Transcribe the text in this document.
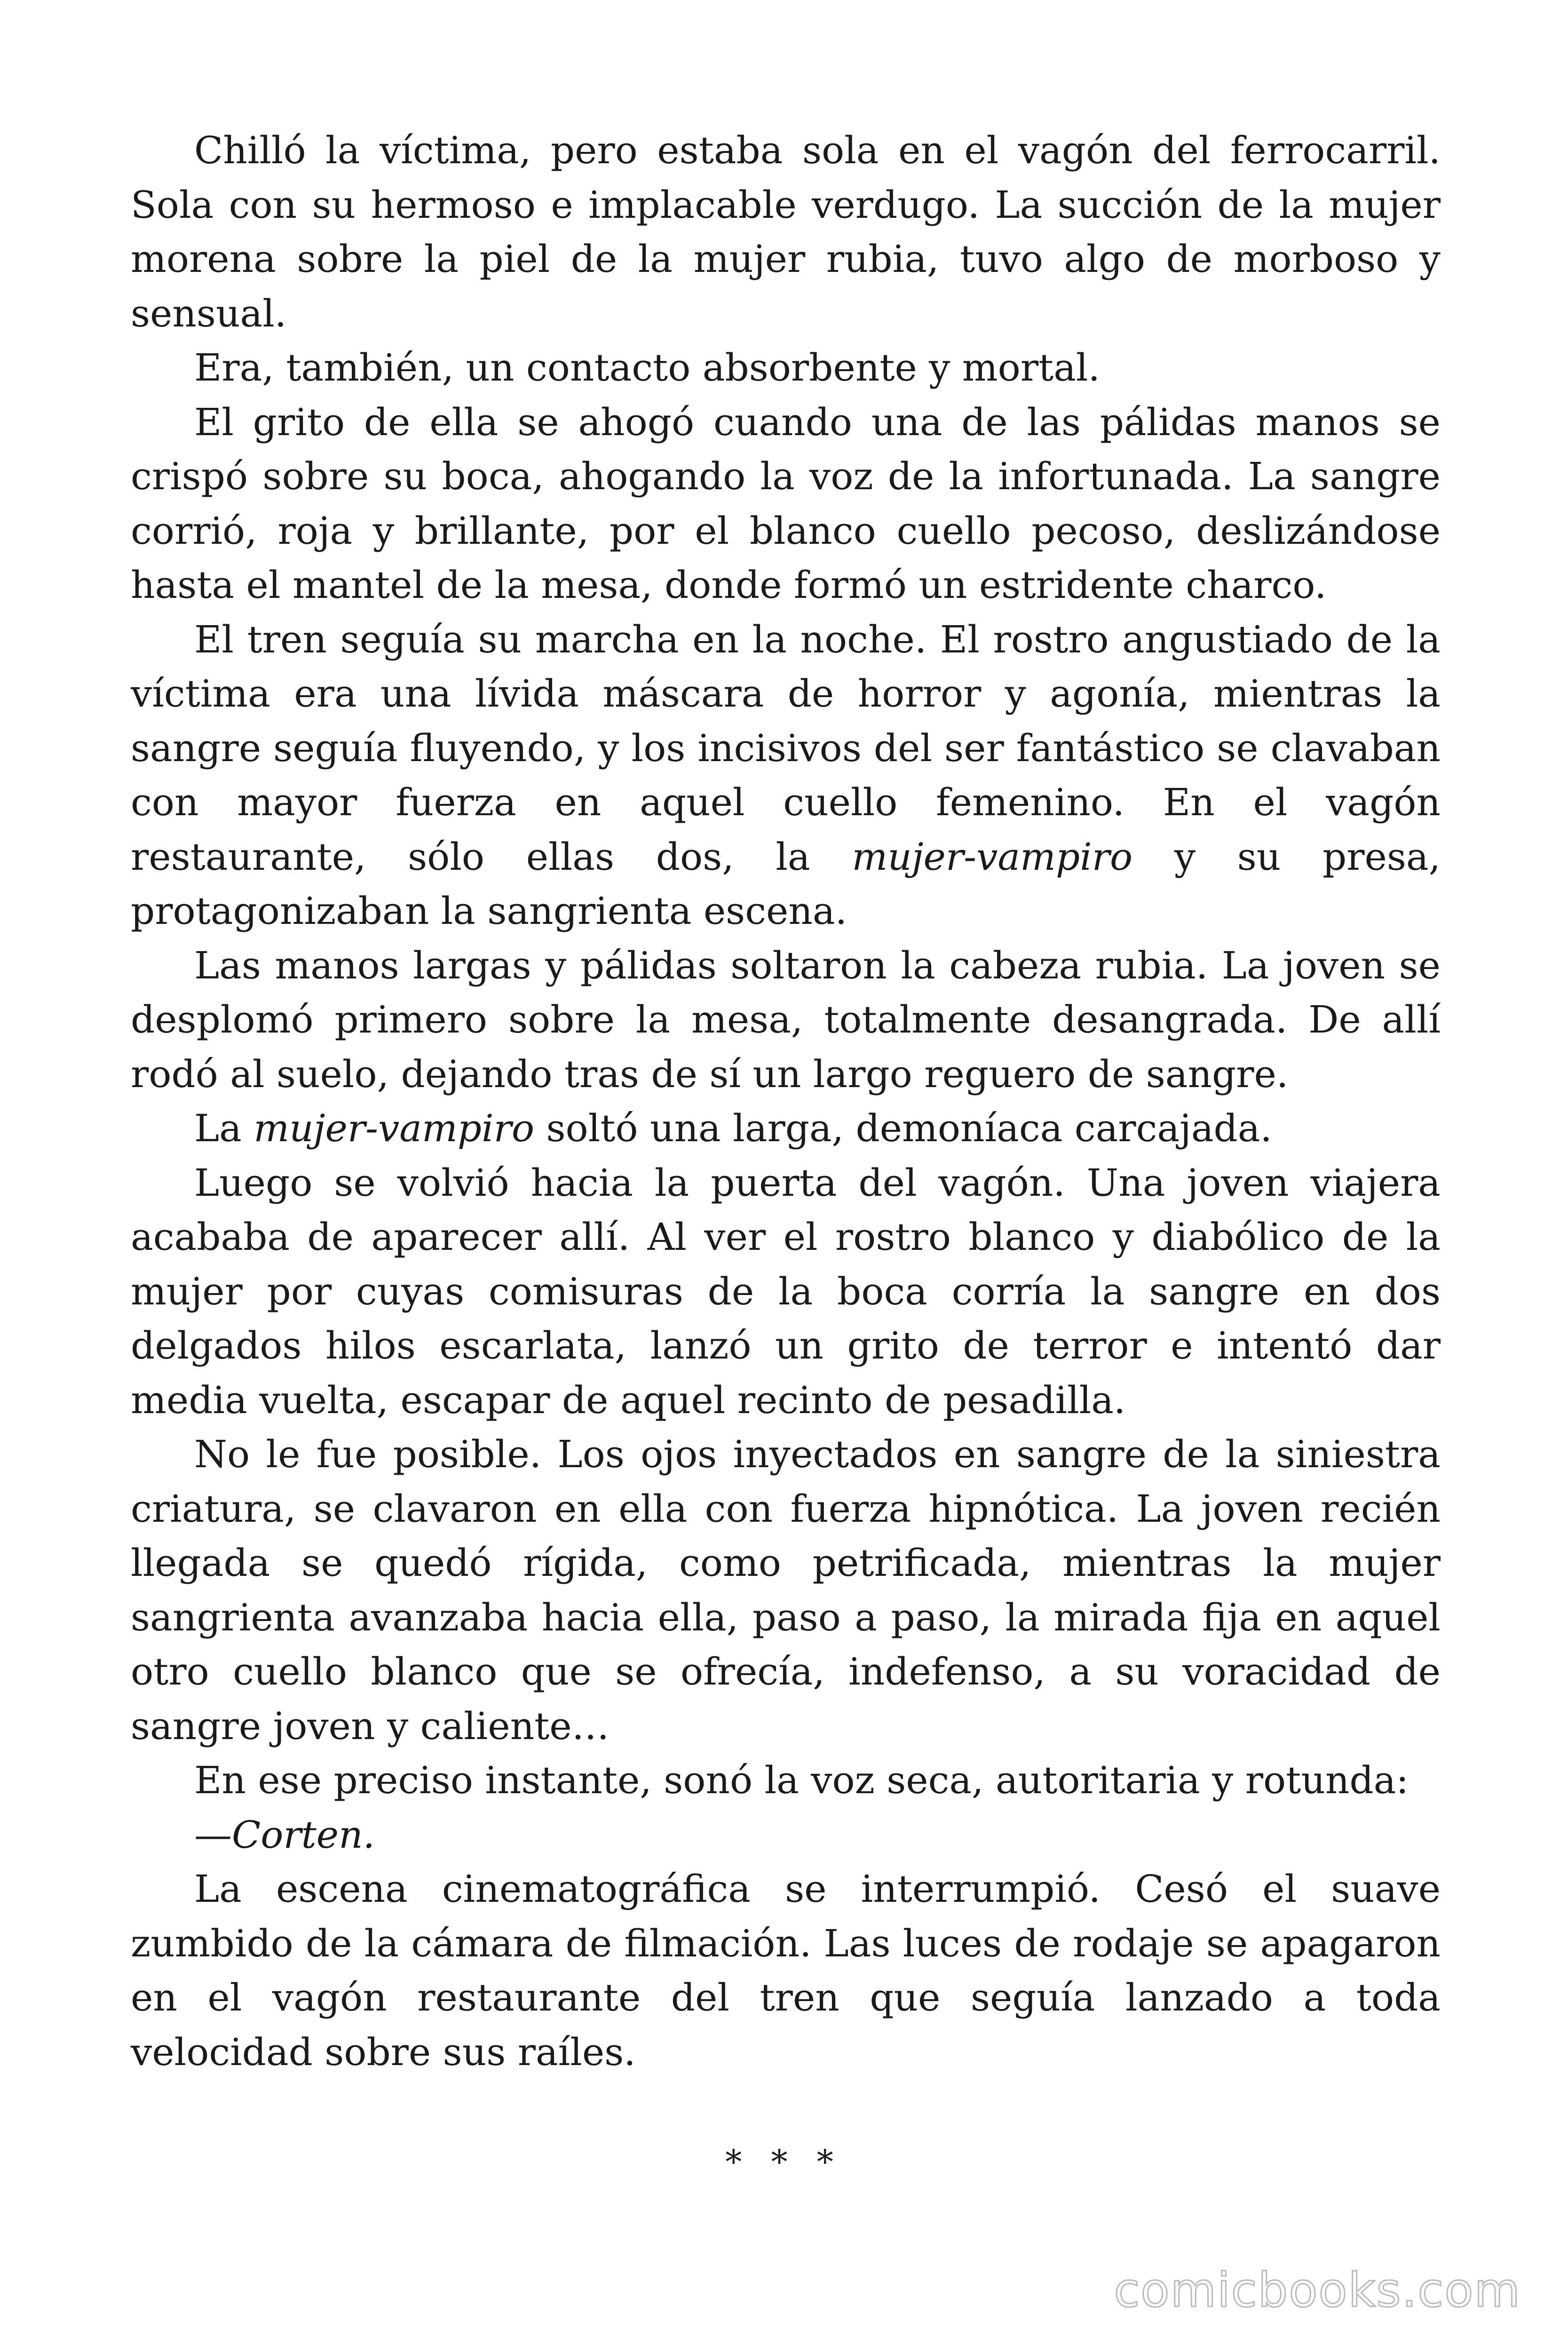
Chilló la víctima, pero estaba sola en el vagón del ferrocarril. Sola con su hermoso e implacable verdugo. La succión de la mujer morena sobre la piel de la mujer rubia, tuvo algo de morboso y sensual.

Era, también, un contacto absorbente y mortal.

El grito de ella se ahogó cuando una de las pálidas manos se crispó sobre su boca, ahogando la voz de la infortunada. La sangre corrió, roja y brillante, por el blanco cuello pecoso, deslizándose hasta el mantel de la mesa, donde formó un estridente charco.

El tren seguía su marcha en la noche. El rostro angustiado de la víctima era una lívida máscara de horror y agonía, mientras la sangre seguía fluyendo, y los incisivos del ser fantástico se clavaban con mayor fuerza en aquel cuello femenino. En el vagón restaurante, sólo ellas dos, la mujer-vampiro y su presa, protagonizaban la sangrienta escena.

Las manos largas y pálidas soltaron la cabeza rubia. La joven se desplomó primero sobre la mesa, totalmente desangrada. De allí rodó al suelo, dejando tras de sí un largo reguero de sangre.

La mujer-vampiro soltó una larga, demoníaca carcajada.

Luego se volvió hacia la puerta del vagón. Una joven viajera acababa de aparecer allí. Al ver el rostro blanco y diabólico de la mujer por cuyas comisuras de la boca corría la sangre en dos delgados hilos escarlata, lanzó un grito de terror e intentó dar media vuelta, escapar de aquel recinto de pesadilla.

No le fue posible. Los ojos inyectados en sangre de la siniestra criatura, se clavaron en ella con fuerza hipnótica. La joven recién llegada se quedó rígida, como petrificada, mientras la mujer sangrienta avanzaba hacia ella, paso a paso, la mirada fija en aquel otro cuello blanco que se ofrecía, indefenso, a su voracidad de sangre joven y caliente…

En ese preciso instante, sonó la voz seca, autoritaria y rotunda:

—Corten.

La escena cinematográfica se interrumpió. Cesó el suave zumbido de la cámara de filmación. Las luces de rodaje se apagaron en el vagón restaurante del tren que seguía lanzado a toda velocidad sobre sus raíles.

* * *
comicbooks.com
